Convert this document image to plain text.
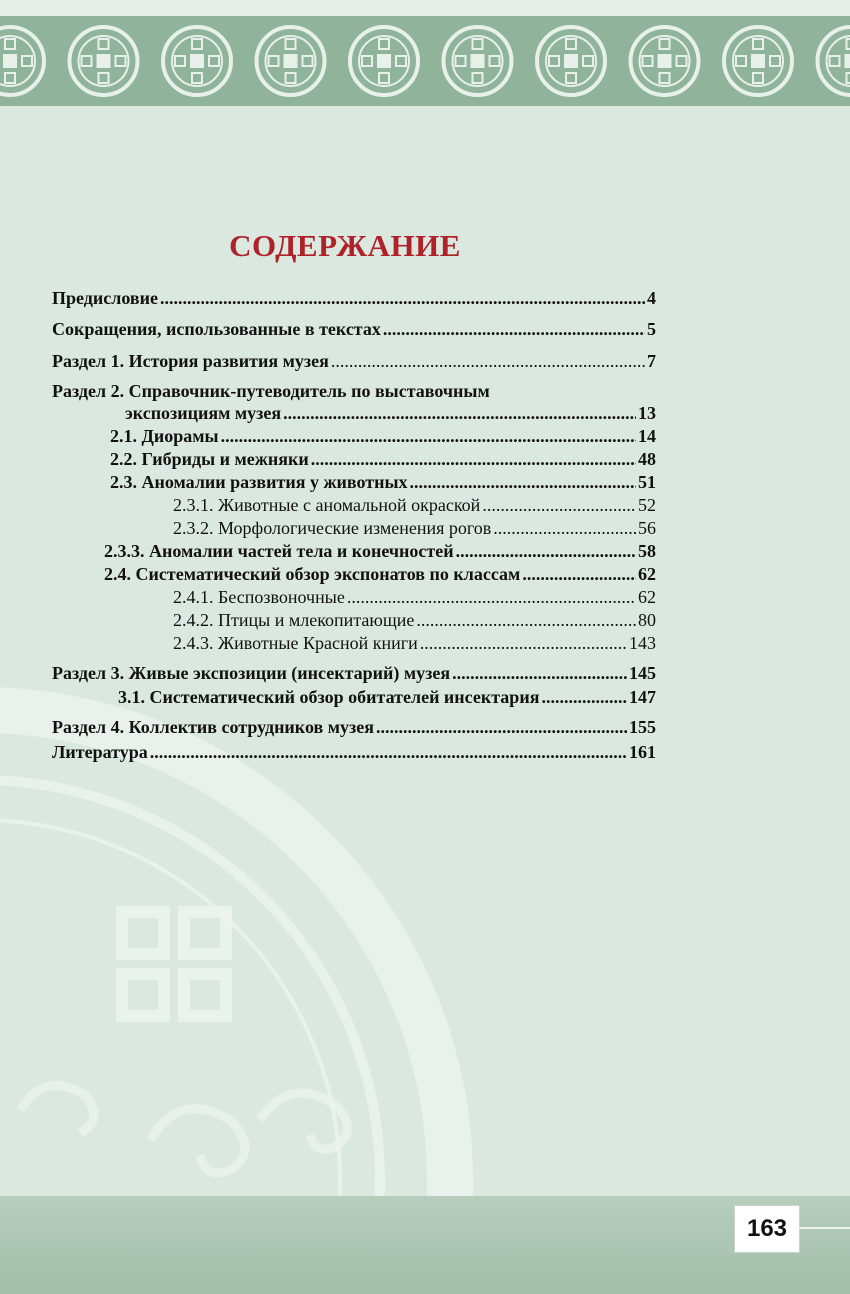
СОДЕРЖАНИЕ
Предисловие .....	4
Сокращения, использованные в текстах .....	5
Раздел 1. История развития музея .....	7
Раздел 2. Справочник-путеводитель по выставочным
экспозициям музея .....	13
2.1. Диорамы .....	14
2.2. Гибриды и межняки .....	48
2.3. Аномалии развития у животных .....	51
2.3.1. Животные с аномальной окраской .....	52
2.3.2. Морфологические изменения рогов .....	56
2.3.3. Аномалии частей тела и конечностей .....	58
2.4. Систематический обзор экспонатов по классам .....	62
2.4.1. Беспозвоночные .....	62
2.4.2. Птицы и млекопитающие .....	80
2.4.3. Животные Красной книги .....	143
Раздел 3. Живые экспозиции (инсектарий) музея .....	145
3.1. Систематический обзор обитателей инсектария .....	147
Раздел 4. Коллектив сотрудников музея .....	155
Литература .....	161
163
